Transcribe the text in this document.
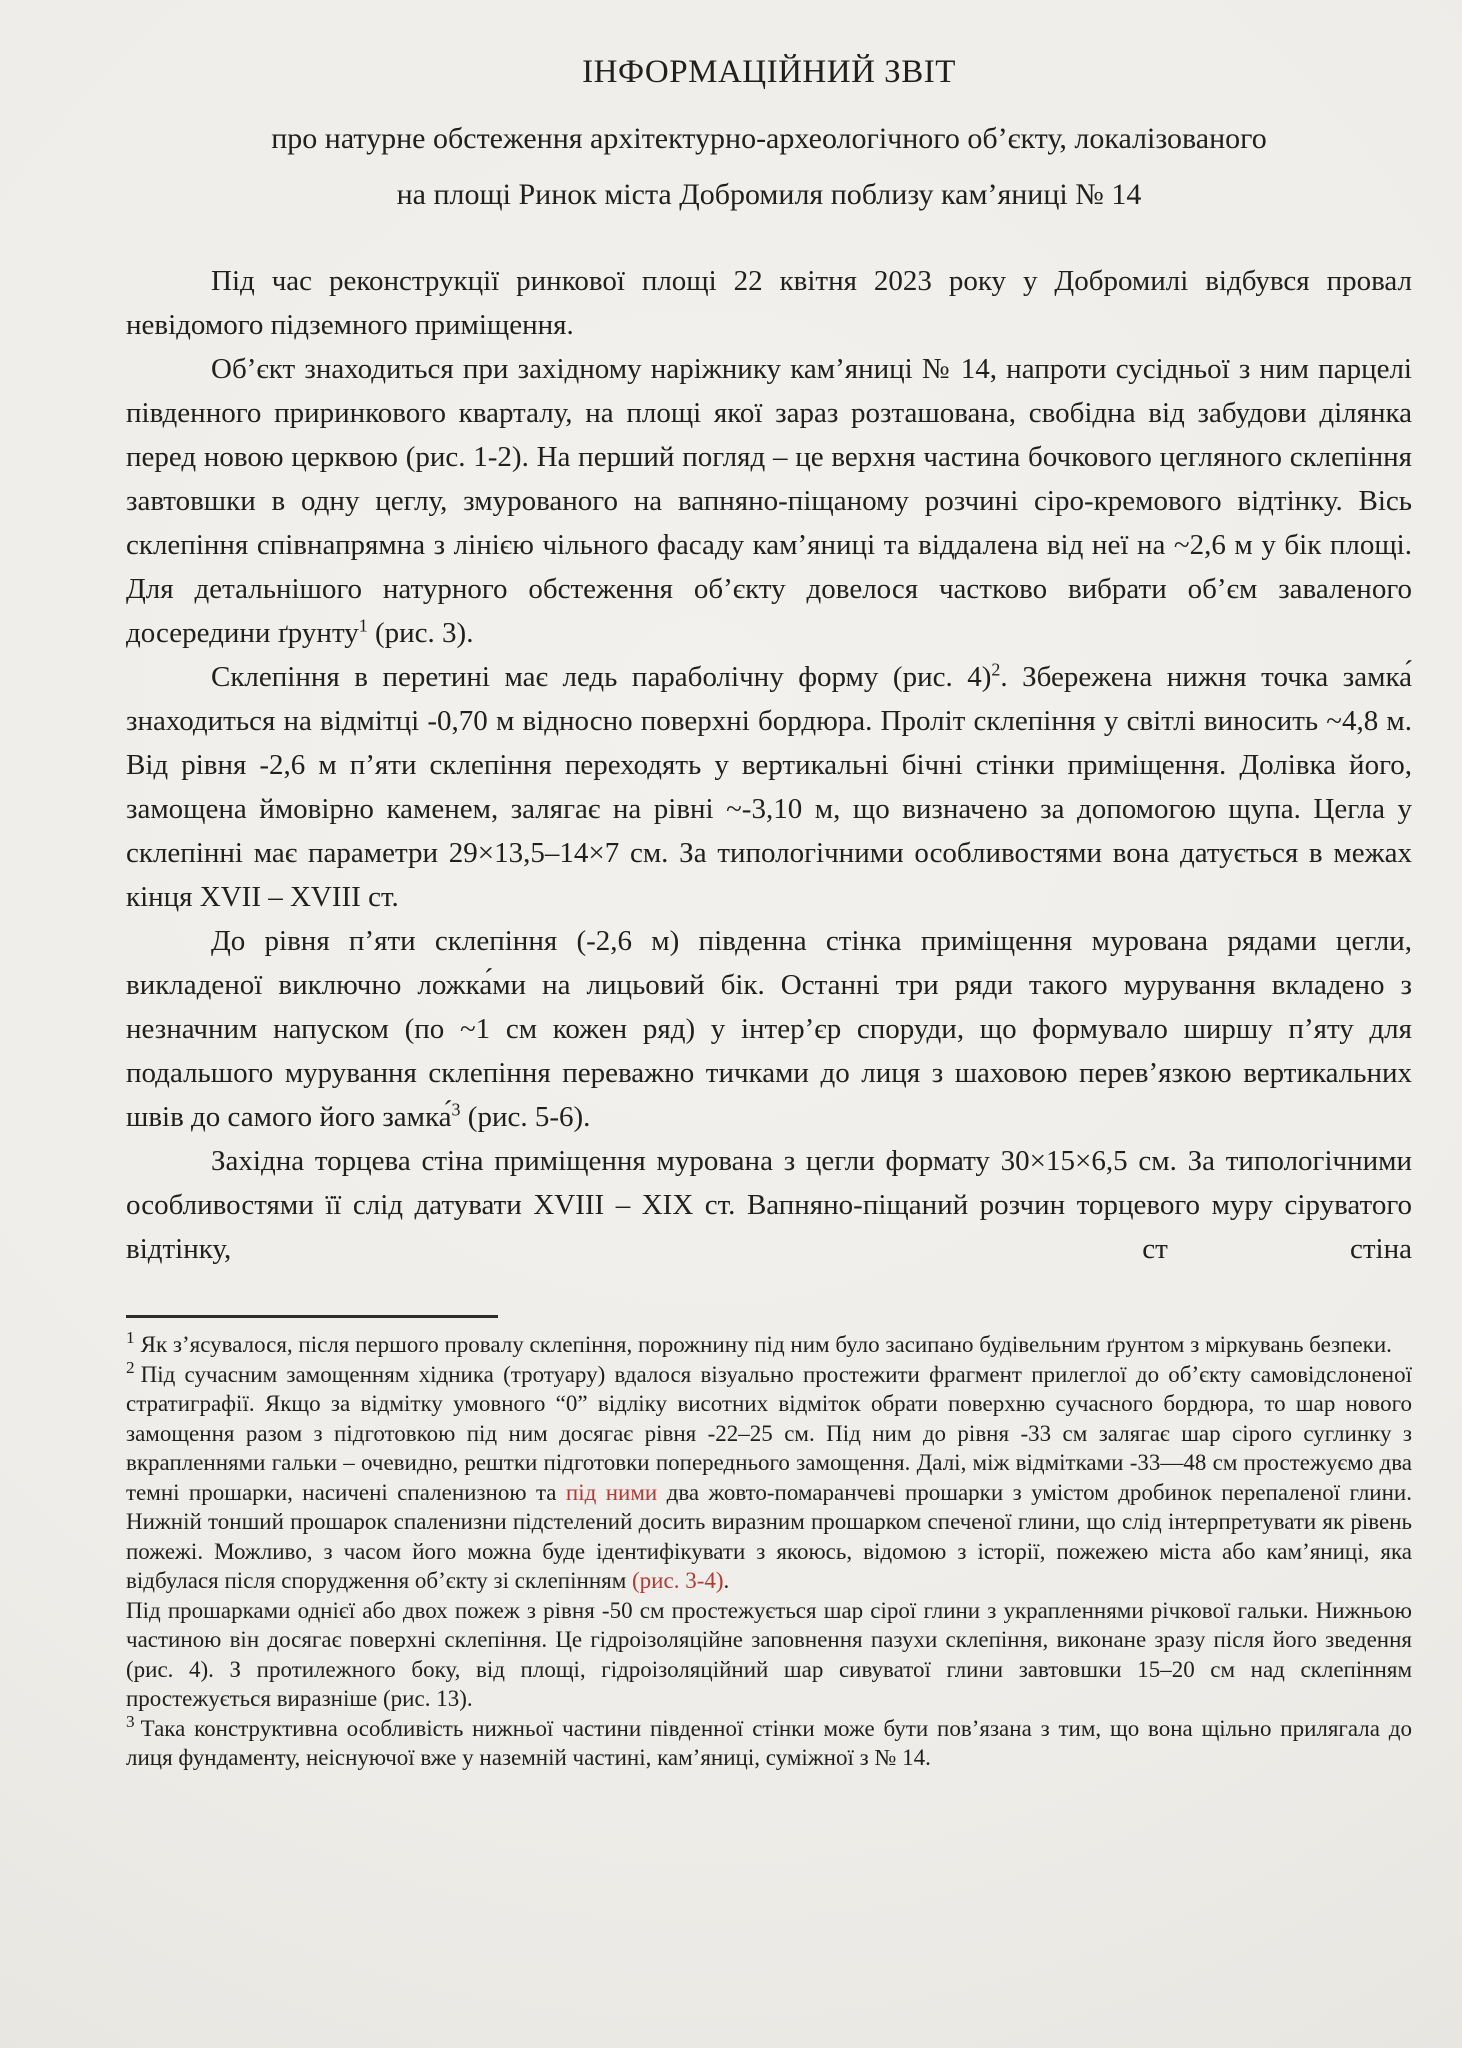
ІНФОРМАЦІЙНИЙ ЗВІТ
про натурне обстеження архітектурно-археологічного об’єкту, локалізованого
на площі Ринок міста Добромиля поблизу кам’яниці № 14

Під час реконструкції ринкової площі 22 квітня 2023 року у Добромилі відбувся провал невідомого підземного приміщення.

Об’єкт знаходиться при західному наріжнику кам’яниці № 14, напроти сусідньої з ним парцелі південного приринкового кварталу, на площі якої зараз розташована, свобідна від забудови ділянка перед новою церквою (рис. 1-2). На перший погляд – це верхня частина бочкового цегляного склепіння завтовшки в одну цеглу, змурованого на вапняно-піщаному розчині сіро-кремового відтінку. Вісь склепіння співнапрямна з лінією чільного фасаду кам’яниці та віддалена від неї на ~2,6 м у бік площі. Для детальнішого натурного обстеження об’єкту довелося частково вибрати об’єм заваленого досередини ґрунту$^1$ (рис. 3).

Склепіння в перетині має ледь параболічну форму (рис. 4)$^2$. Збережена нижня точка замка́ знаходиться на відмітці -0,70 м відносно поверхні бордюра. Проліт склепіння у світлі виносить ~4,8 м. Від рівня -2,6 м п’яти склепіння переходять у вертикальні бічні стінки приміщення. Долівка його, замощена ймовірно каменем, залягає на рівні ~-3,10 м, що визначено за допомогою щупа. Цегла у склепінні має параметри 29×13,5–14×7 см. За типологічними особливостями вона датується в межах кінця XVII – XVIII ст.

До рівня п’яти склепіння (-2,6 м) південна стінка приміщення мурована рядами цегли, викладеної виключно ложка́ми на лицьовий бік. Останні три ряди такого мурування вкладено з незначним напуском (по ~1 см кожен ряд) у інтер’єр споруди, що формувало ширшу п’яту для подальшого мурування склепіння переважно тичками до лиця з шаховою перев’язкою вертикальних швів до самого його замка́$^3$ (рис. 5-6).

Західна торцева стіна приміщення мурована з цегли формату 30×15×6,5 см. За типологічними особливостями її слід датувати XVIII – XIX ст. Вапняно-піщаний розчин торцевого муру сіруватого відтінку,     ст стіна

$^1$ Як з’ясувалося, після першого провалу склепіння, порожнину під ним було засипано будівельним ґрунтом з міркувань безпеки.
$^2$ Під сучасним замощенням хідника (тротуару) вдалося візуально простежити фрагмент прилеглої до об’єкту самовідслоненої стратиграфії. Якщо за відмітку умовного “0” відліку висотних відміток обрати поверхню сучасного бордюра, то шар нового замощення разом з підготовкою під ним досягає рівня -22–25 см. Під ним до рівня -33 см залягає шар сірого суглинку з вкрапленнями гальки – очевидно, рештки підготовки попереднього замощення. Далі, між відмітками -33—48 см простежуємо два темні прошарки, насичені спаленизною та під ними два жовто-помаранчеві прошарки з умістом дробинок перепаленої глини. Нижній тонший прошарок спаленизни підстелений досить виразним прошарком спеченої глини, що слід інтерпретувати як рівень пожежі. Можливо, з часом його можна буде ідентифікувати з якоюсь, відомою з історії, пожежею міста або кам’яниці, яка відбулася після спорудження об’єкту зі склепінням (рис. 3-4).
Під прошарками однієї або двох пожеж з рівня -50 см простежується шар сірої глини з украпленнями річкової гальки. Нижньою частиною він досягає поверхні склепіння. Це гідроізоляційне заповнення пазухи склепіння, виконане зразу після його зведення (рис. 4). З протилежного боку, від площі, гідроізоляційний шар сивуватої глини завтовшки 15–20 см над склепінням простежується виразніше (рис. 13).
$^3$ Така конструктивна особливість нижньої частини південної стінки може бути пов’язана з тим, що вона щільно прилягала до лиця фундаменту, неіснуючої вже у наземній частині, кам’яниці, суміжної з № 14.
